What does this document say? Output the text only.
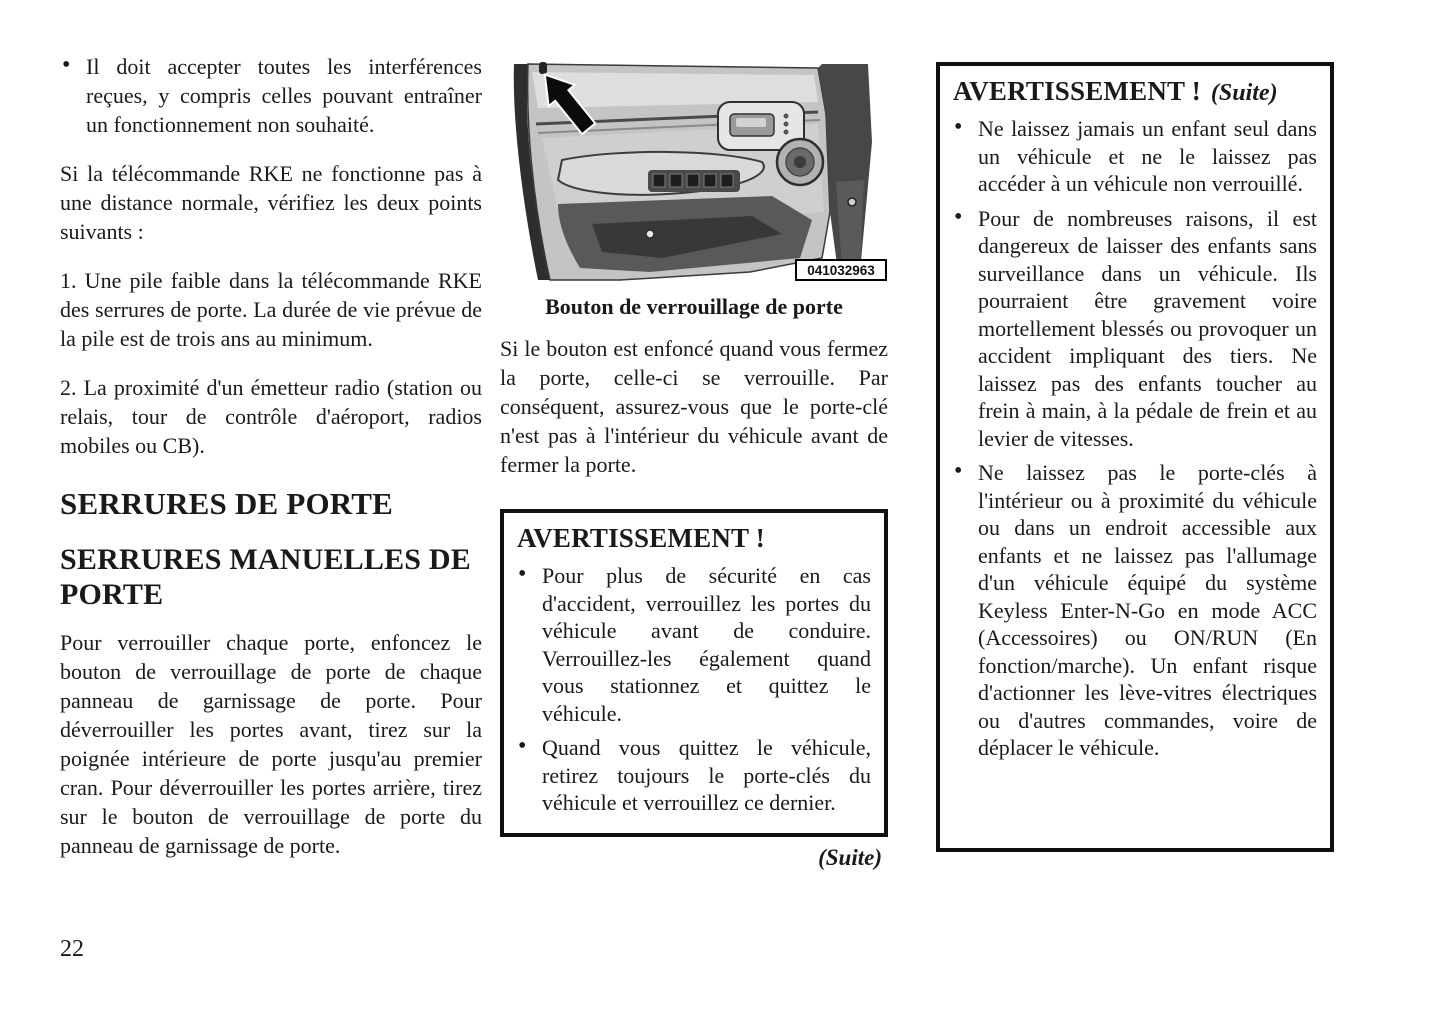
• Il doit accepter toutes les interférences reçues, y compris celles pouvant entraîner un fonctionnement non souhaité.

Si la télécommande RKE ne fonctionne pas à une distance normale, vérifiez les deux points suivants :

1. Une pile faible dans la télécommande RKE des serrures de porte. La durée de vie prévue de la pile est de trois ans au minimum.

2. La proximité d'un émetteur radio (station ou relais, tour de contrôle d'aéroport, radios mobiles ou CB).

SERRURES DE PORTE
SERRURES MANUELLES DE PORTE

Pour verrouiller chaque porte, enfoncez le bouton de verrouillage de porte de chaque panneau de garnissage de porte. Pour déverrouiller les portes avant, tirez sur la poignée intérieure de porte jusqu'au premier cran. Pour déverrouiller les portes arrière, tirez sur le bouton de verrouillage de porte du panneau de garnissage de porte.

041032963
Bouton de verrouillage de porte

Si le bouton est enfoncé quand vous fermez la porte, celle-ci se verrouille. Par conséquent, assurez-vous que le porte-clé n'est pas à l'intérieur du véhicule avant de fermer la porte.

AVERTISSEMENT !
• Pour plus de sécurité en cas d'accident, verrouillez les portes du véhicule avant de conduire. Verrouillez-les également quand vous stationnez et quittez le véhicule.
• Quand vous quittez le véhicule, retirez toujours le porte-clés du véhicule et verrouillez ce dernier.
(Suite)
AVERTISSEMENT ! (Suite)
• Ne laissez jamais un enfant seul dans un véhicule et ne le laissez pas accéder à un véhicule non verrouillé.
• Pour de nombreuses raisons, il est dangereux de laisser des enfants sans surveillance dans un véhicule. Ils pourraient être gravement voire mortellement blessés ou provoquer un accident impliquant des tiers. Ne laissez pas des enfants toucher au frein à main, à la pédale de frein et au levier de vitesses.
• Ne laissez pas le porte-clés à l'intérieur ou à proximité du véhicule ou dans un endroit accessible aux enfants et ne laissez pas l'allumage d'un véhicule équipé du système Keyless Enter-N-Go en mode ACC (Accessoires) ou ON/RUN (En fonction/marche). Un enfant risque d'actionner les lève-vitres électriques ou d'autres commandes, voire de déplacer le véhicule.
22
